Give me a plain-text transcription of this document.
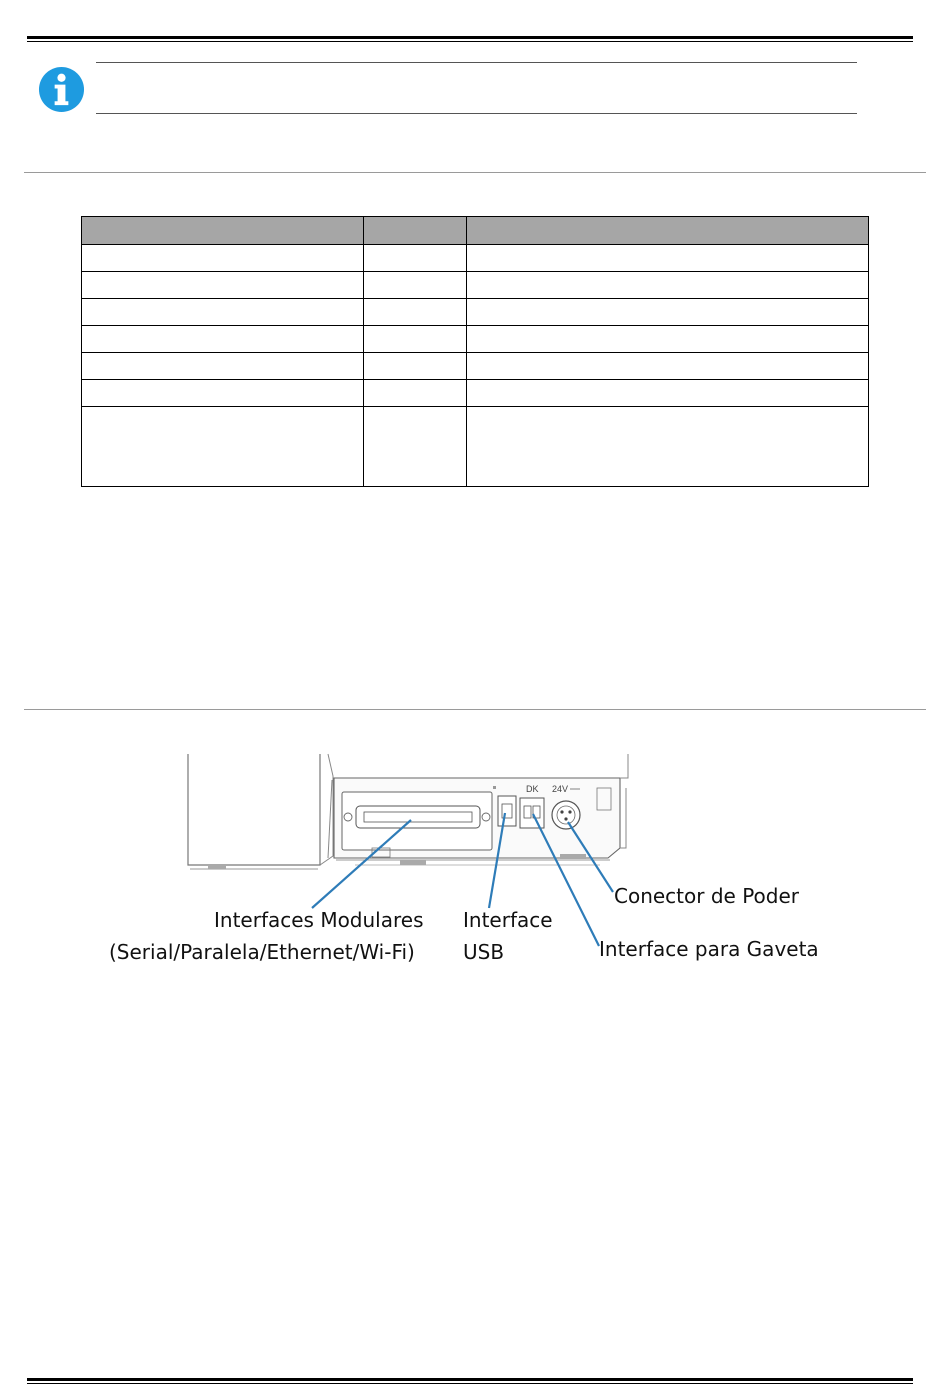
DK 24V
Interfaces Modulares
(Serial/Paralela/Ethernet/Wi-Fi)
Interface
USB
Conector de Poder
Interface para Gaveta
